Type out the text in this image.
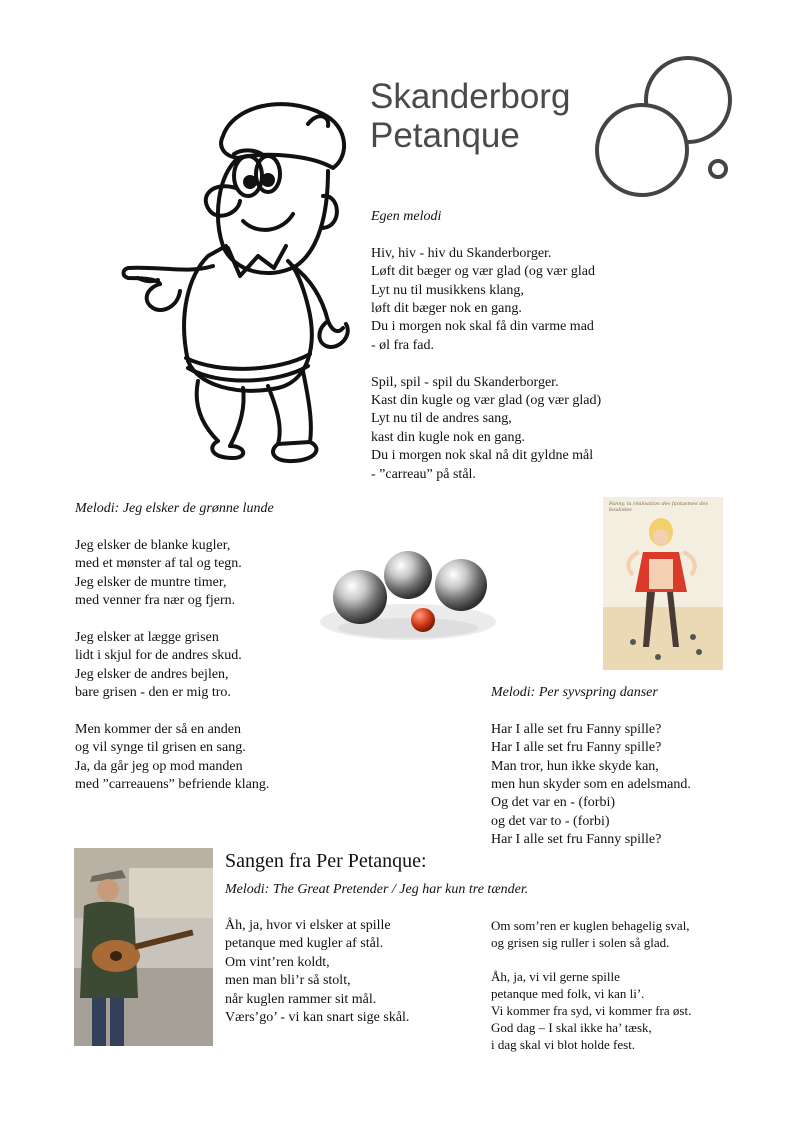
Skanderborg
Petanque

Egen melodi

Hiv, hiv - hiv du Skanderborger.

Løft dit bæger og vær glad (og vær glad

Lyt nu til musikkens klang,

løft dit bæger nok en gang.

Du i morgen nok skal få din varme mad

- øl fra fad.

Spil, spil - spil du Skanderborger.

Kast din kugle og vær glad (og vær glad)

Lyt nu til de andres sang,

kast din kugle nok en gang.

Du i morgen nok skal nå dit gyldne mål

- ”carreau” på stål.

Melodi: Jeg elsker de grønne lunde

Jeg elsker de blanke kugler,

med et mønster af tal og tegn.

Jeg elsker de muntre timer,

med venner fra nær og fjern.

Jeg elsker at lægge grisen

lidt i skjul for de andres skud.

Jeg elsker de andres bejlen,

bare grisen - den er mig tro.

Men kommer der så en anden

og vil synge til grisen en sang.

Ja, da går jeg op mod manden

med ”carreauens” befriende klang.

Fanny, la réalisation des fantasmes des boulistes

Melodi: Per syvspring danser

Har I alle set fru Fanny spille?

Har I alle set fru Fanny spille?

Man tror, hun ikke skyde kan,

men hun skyder som en adelsmand.

Og det var en - (forbi)

og det var to - (forbi)

Har I alle set fru Fanny spille?

Sangen fra Per Petanque:

Melodi: The Great Pretender / Jeg har kun tre tænder.

Åh, ja, hvor vi elsker at spille

petanque med kugler af stål.

Om vint’ren koldt,

men man bli’r så stolt,

når kuglen rammer sit mål.

Værs’go’ - vi kan snart sige skål.

Om som’ren er kuglen behagelig sval,

og grisen sig ruller i solen så glad.

Åh, ja, vi vil gerne spille

petanque med folk, vi kan li’.

Vi kommer fra syd, vi kommer fra øst.

God dag – I skal ikke ha’ tæsk,

i dag skal vi blot holde fest.
